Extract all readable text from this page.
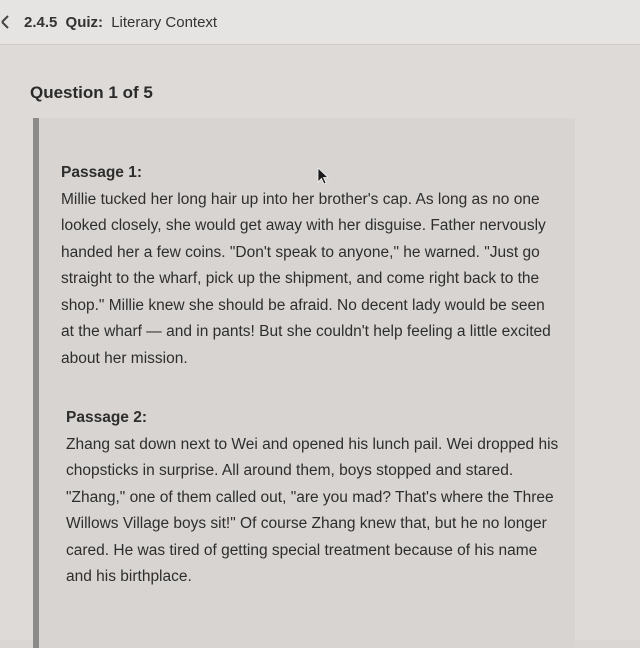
2.4.5 Quiz: Literary Context
Question 1 of 5
Passage 1:
Millie tucked her long hair up into her brother's cap. As long as no one looked closely, she would get away with her disguise. Father nervously handed her a few coins. "Don't speak to anyone," he warned. "Just go straight to the wharf, pick up the shipment, and come right back to the shop." Millie knew she should be afraid. No decent lady would be seen at the wharf — and in pants! But she couldn't help feeling a little excited about her mission.
Passage 2:
Zhang sat down next to Wei and opened his lunch pail. Wei dropped his chopsticks in surprise. All around them, boys stopped and stared. "Zhang," one of them called out, "are you mad? That's where the Three Willows Village boys sit!" Of course Zhang knew that, but he no longer cared. He was tired of getting special treatment because of his name and his birthplace.
